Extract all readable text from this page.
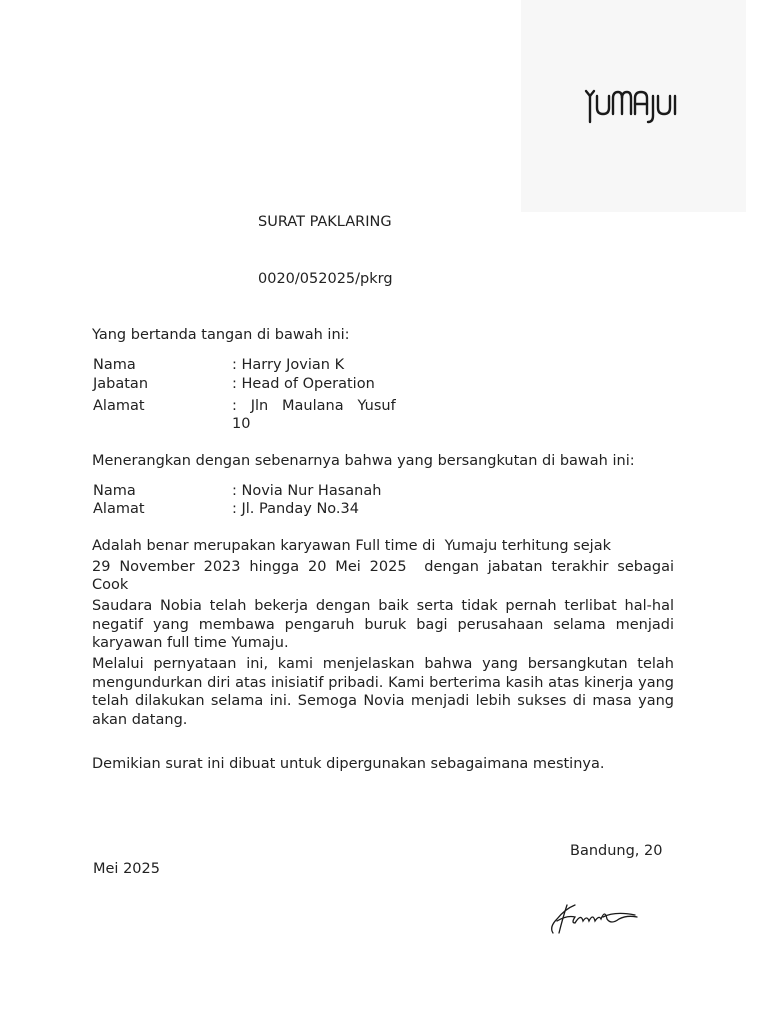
SURAT PAKLARING
0020/052025/pkrg
Yang bertanda tangan di bawah ini:
Nama	: Harry Jovian K
Jabatan	: Head of Operation
Alamat	:   Jln   Maulana   Yusuf
10
Menerangkan dengan sebenarnya bahwa yang bersangkutan di bawah ini:
Nama	: Novia Nur Hasanah
Alamat	: Jl. Panday No.34
Adalah benar merupakan karyawan Full time di  Yumaju terhitung sejak
29 November 2023 hingga 20 Mei 2025  dengan jabatan terakhir sebagai
Cook
Saudara Nobia telah bekerja dengan baik serta tidak pernah terlibat hal-hal negatif yang membawa pengaruh buruk bagi perusahaan selama menjadi karyawan full time Yumaju.
Melalui pernyataan ini, kami menjelaskan bahwa yang bersangkutan telah mengundurkan diri atas inisiatif pribadi. Kami berterima kasih atas kinerja yang telah dilakukan selama ini. Semoga Novia menjadi lebih sukses di masa yang akan datang.
Demikian surat ini dibuat untuk dipergunakan sebagaimana mestinya.
Bandung, 20
Mei 2025
